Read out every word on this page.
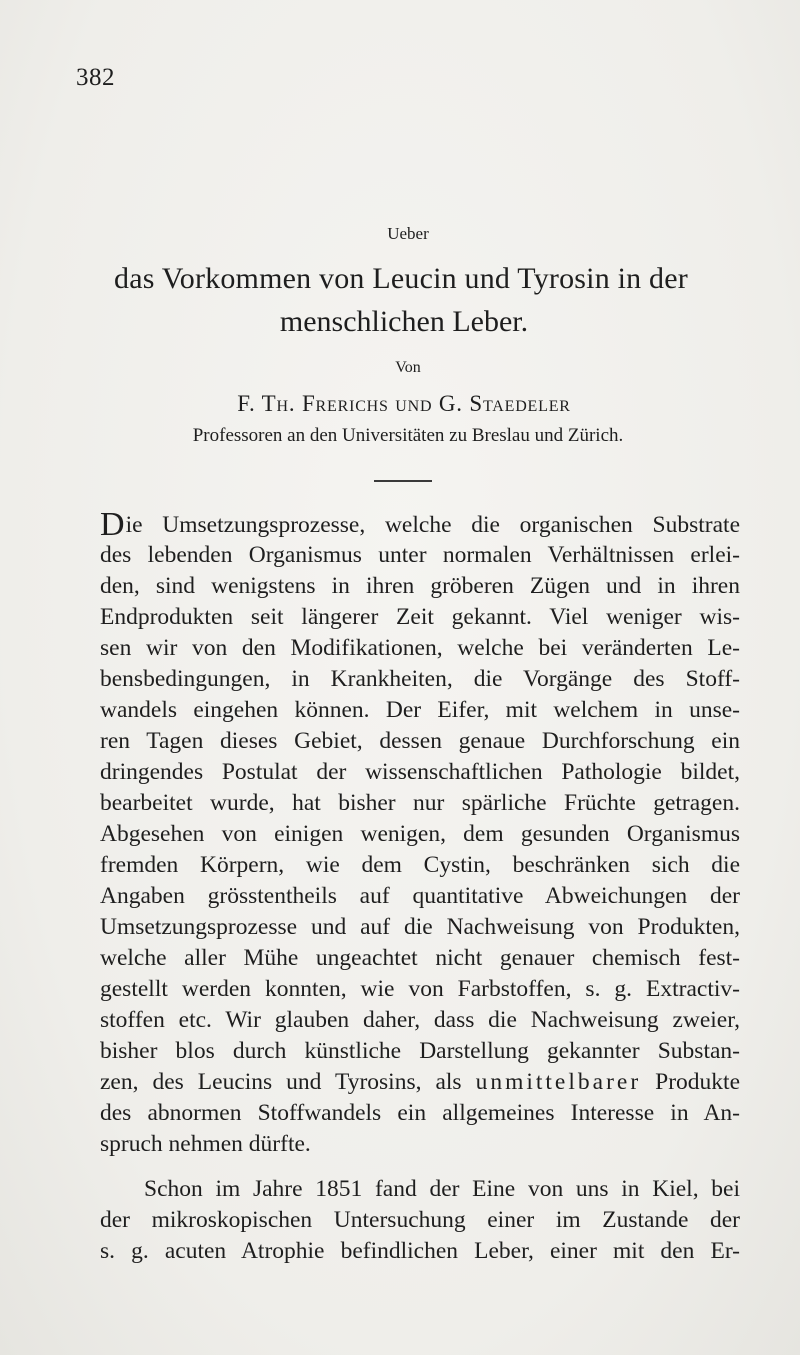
382
Ueber
das Vorkommen von Leucin und Tyrosin in der
menschlichen Leber.
Von
F. Th. Frerichs und G. Staedeler
Professoren an den Universitäten zu Breslau und Zürich.
Die Umsetzungsprozesse, welche die organischen Substrate
des lebenden Organismus unter normalen Verhältnissen erlei-
den, sind wenigstens in ihren gröberen Zügen und in ihren
Endprodukten seit längerer Zeit gekannt. Viel weniger wis-
sen wir von den Modifikationen, welche bei veränderten Le-
bensbedingungen, in Krankheiten, die Vorgänge des Stoff-
wandels eingehen können. Der Eifer, mit welchem in unse-
ren Tagen dieses Gebiet, dessen genaue Durchforschung ein
dringendes Postulat der wissenschaftlichen Pathologie bildet,
bearbeitet wurde, hat bisher nur spärliche Früchte getragen.
Abgesehen von einigen wenigen, dem gesunden Organismus
fremden Körpern, wie dem Cystin, beschränken sich die
Angaben grösstentheils auf quantitative Abweichungen der
Umsetzungsprozesse und auf die Nachweisung von Produkten,
welche aller Mühe ungeachtet nicht genauer chemisch fest-
gestellt werden konnten, wie von Farbstoffen, s. g. Extractiv-
stoffen etc. Wir glauben daher, dass die Nachweisung zweier,
bisher blos durch künstliche Darstellung gekannter Substan-
zen, des Leucins und Tyrosins, als unmittelbarer Produkte
des abnormen Stoffwandels ein allgemeines Interesse in An-
spruch nehmen dürfte.
Schon im Jahre 1851 fand der Eine von uns in Kiel, bei
der mikroskopischen Untersuchung einer im Zustande der
s. g. acuten Atrophie befindlichen Leber, einer mit den Er-
